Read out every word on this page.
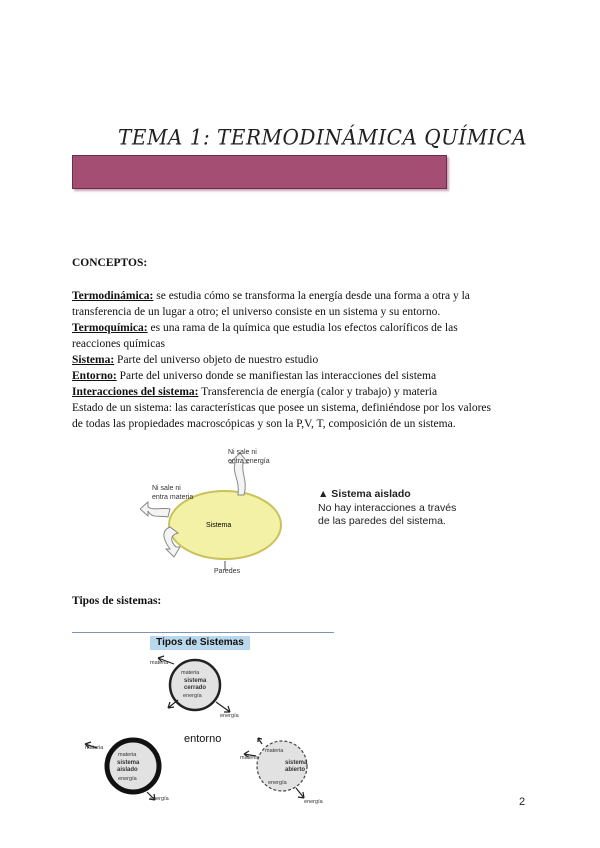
TEMA 1: TERMODINÁMICA QUÍMICA
CONCEPTOS:
Termodinámica: se estudia cómo se transforma la energía desde una forma a otra y la
transferencia de un lugar a otro; el universo consiste en un sistema y su entorno.
Termoquímica: es una rama de la química que estudia los efectos caloríficos de las
reacciones químicas
Sistema: Parte del universo objeto de nuestro estudio
Entorno: Parte del universo donde se manifiestan las interacciones del sistema
Interacciones del sistema: Transferencia de energía (calor y trabajo) y materia
Estado de un sistema: las características que posee un sistema, definiéndose por los valores
de todas las propiedades macroscópicas y son la P,V, T, composición de un sistema.
Sistema
Ni sale ni
entra energía
Ni sale ni
entra materia
Paredes
▲ Sistema aislado
No hay interacciones a través
de las paredes del sistema.
Tipos de sistemas:
Tipos de Sistemas
materia
materia
sistema
cerrado
energía
energía
materia
materia
sistema
aislado
energía
energía
entorno
materia
materia
sistema
abierto
energía
energía	2
